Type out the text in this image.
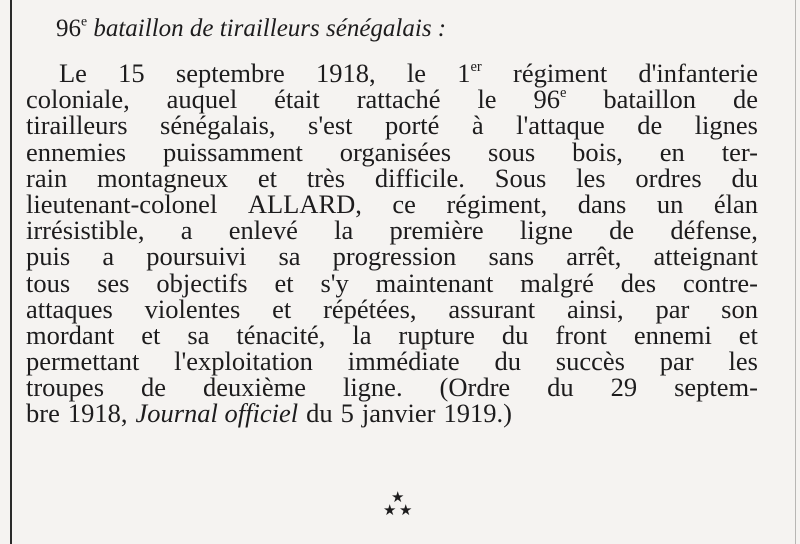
96e bataillon de tirailleurs sénégalais :
Le 15 septembre 1918, le 1er régiment d'infanterie
coloniale, auquel était rattaché le 96e bataillon de
tirailleurs sénégalais, s'est porté à l'attaque de lignes
ennemies puissamment organisées sous bois, en ter-
rain montagneux et très difficile. Sous les ordres du
lieutenant-colonel ALLARD, ce régiment, dans un élan
irrésistible, a enlevé la première ligne de défense,
puis a poursuivi sa progression sans arrêt, atteignant
tous ses objectifs et s'y maintenant malgré des contre-
attaques violentes et répétées, assurant ainsi, par son
mordant et sa ténacité, la rupture du front ennemi et
permettant l'exploitation immédiate du succès par les
troupes de deuxième ligne. (Ordre du 29 septem-
bre 1918, Journal officiel du 5 janvier 1919.)
★
★ ★
